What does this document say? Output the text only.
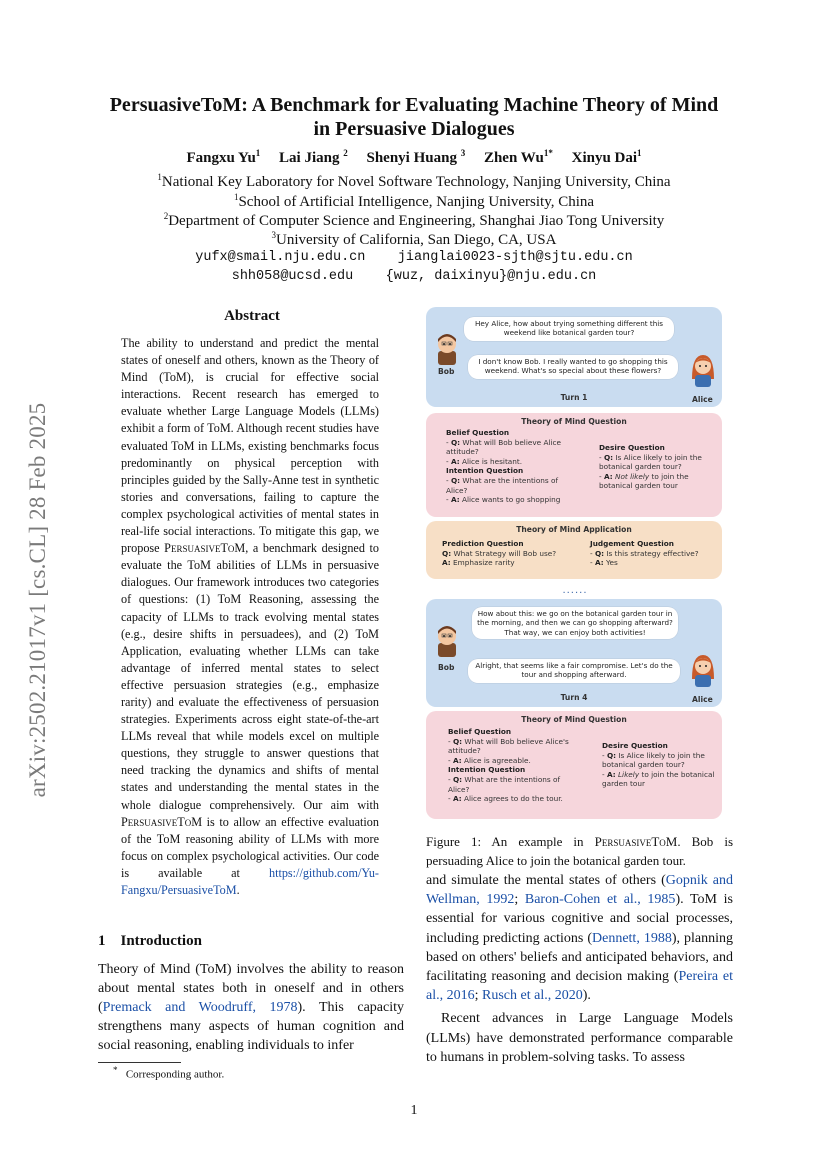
arXiv:2502.21017v1 [cs.CL] 28 Feb 2025
PersuasiveToM: A Benchmark for Evaluating Machine Theory of Mind
in Persuasive Dialogues
Fangxu Yu$^1$ Lai Jiang $^2$ Shenyi Huang $^3$ Zhen $Wu^{1*}$ Xinyu Dai$^1$
$^1$National Key Laboratory for Novel Software Technology, Nanjing University, China
$^1$School of Artificial Intelligence, Nanjing University, China
$^2$Department of Computer Science and Engineering, Shanghai Jiao Tong University
$^3$University of California, San Diego, CA, USA
yufx@smail.nju.edu.cn    jianglai0023-sjth@sjtu.edu.cn
shh058@ucsd.edu    {wuz, daixinyu}@nju.edu.cn
Abstract
The ability to understand and predict the mental states of oneself and others, known as the Theory of Mind (ToM), is crucial for effective social interactions. Recent research has emerged to evaluate whether Large Language Models (LLMs) exhibit a form of ToM. Although recent studies have evaluated ToM in LLMs, existing benchmarks focus predominantly on physical perception with principles guided by the Sally-Anne test in synthetic stories and conversations, failing to capture the complex psychological activities of mental states in real-life social interactions. To mitigate this gap, we propose PersuasiveToM, a benchmark designed to evaluate the ToM abilities of LLMs in persuasive dialogues. Our framework introduces two categories of questions: (1) ToM Reasoning, assessing the capacity of LLMs to track evolving mental states (e.g., desire shifts in persuadees), and (2) ToM Application, evaluating whether LLMs can take advantage of inferred mental states to select effective persuasion strategies (e.g., emphasize rarity) and evaluate the effectiveness of persuasion strategies. Experiments across eight state-of-the-art LLMs reveal that while models excel on multiple questions, they struggle to answer questions that need tracking the dynamics and shifts of mental states and understanding the mental states in the whole dialogue comprehensively. Our aim with PersuasiveToM is to allow an effective evaluation of the ToM reasoning ability of LLMs with more focus on complex psychological activities. Our code is available at https://github.com/Yu-Fangxu/PersuasiveToM.
1 Introduction
Theory of Mind (ToM) involves the ability to reason about mental states both in oneself and in others (Premack and Woodruff, 1978). This capacity strengthens many aspects of human cognition and social reasoning, enabling individuals to infer
* Corresponding author.
1
Hey Alice, how about trying something different this weekend like botanical garden tour?
I don't know Bob. I really wanted to go shopping this weekend. What's so special about these flowers?
Bob
Alice
Turn 1
Theory of Mind Question
Belief Question
- Q: What will Bob believe Alice attitude?
- A: Alice is hesitant.
Intention Question
- Q: What are the intentions of Alice?
- A: Alice wants to go shopping
Desire Question
- Q: Is Alice likely to join the botanical garden tour?
- A: Not likely to join the botanical garden tour
Theory of Mind Application
Prediction Question
Q: What Strategy will Bob use?
A: Emphasize rarity
Judgement Question
- Q: Is this strategy effective?
- A: Yes
......
How about this: we go on the botanical garden tour in the morning, and then we can go shopping afterward? That way, we can enjoy both activities!
Alright, that seems like a fair compromise. Let's do the tour and shopping afterward.
Bob
Alice
Turn 4
Theory of Mind Question
Belief Question
- Q: What will Bob believe Alice's attitude?
- A: Alice is agreeable.
Intention Question
- Q: What are the intentions of Alice?
- A: Alice agrees to do the tour.
Desire Question
- Q: Is Alice likely to join the botanical garden tour?
- A: Likely to join the botanical garden tour
Figure 1: An example in PersuasiveToM. Bob is persuading Alice to join the botanical garden tour.

and simulate the mental states of others (Gopnik and Wellman, 1992; Baron-Cohen et al., 1985). ToM is essential for various cognitive and social processes, including predicting actions (Dennett, 1988), planning based on others' beliefs and anticipated behaviors, and facilitating reasoning and decision making (Pereira et al., 2016; Rusch et al., 2020).

Recent advances in Large Language Models (LLMs) have demonstrated performance comparable to humans in problem-solving tasks. To assess
